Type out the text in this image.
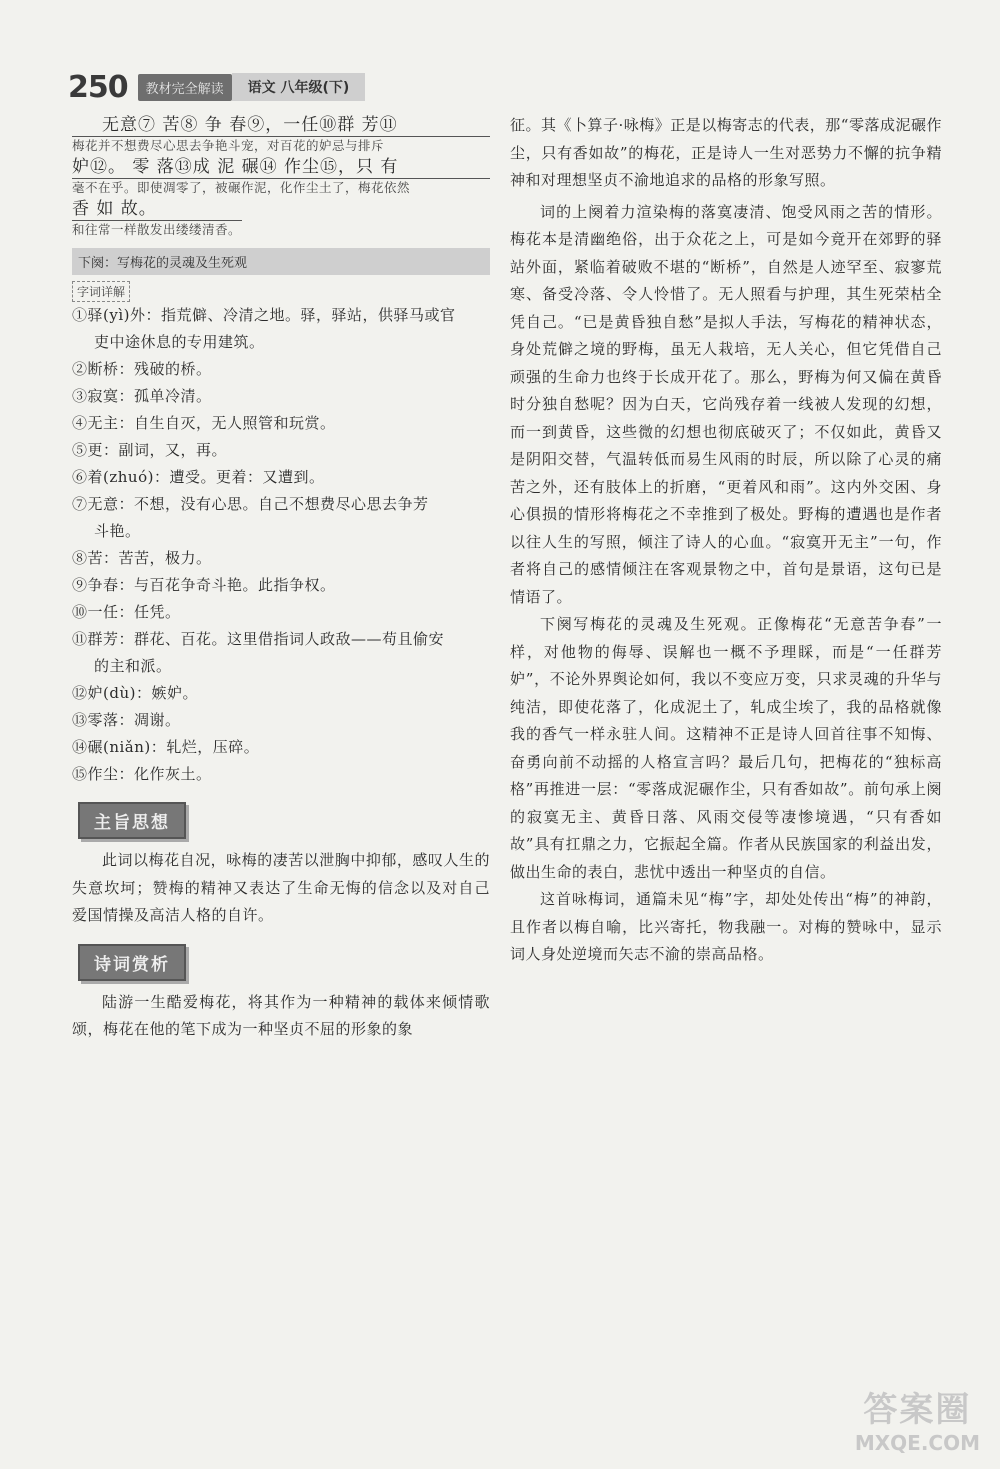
250	教材完全解读	语文 八年级(下)
无意⑦ 苦⑧ 争 春⑨，一任⑩群 芳⑪
梅花并不想费尽心思去争艳斗宠，对百花的妒忌与排斥
妒⑫。 零 落⑬成 泥 碾⑭ 作尘⑮，只 有
毫不在乎。即使凋零了，被碾作泥，化作尘土了，梅花依然
香 如 故。
和往常一样散发出缕缕清香。
下阕：写梅花的灵魂及生死观
字词详解
①驿(yì)外：指荒僻、冷清之地。驿，驿站，供驿马或官
吏中途休息的专用建筑。
②断桥：残破的桥。
③寂寞：孤单冷清。
④无主：自生自灭，无人照管和玩赏。
⑤更：副词，又，再。
⑥着(zhuó)：遭受。更着：又遭到。
⑦无意：不想，没有心思。自己不想费尽心思去争芳
斗艳。
⑧苦：苦苦，极力。
⑨争春：与百花争奇斗艳。此指争权。
⑩一任：任凭。
⑪群芳：群花、百花。这里借指词人政敌——苟且偷安
的主和派。
⑫妒(dù)：嫉妒。
⑬零落：凋谢。
⑭碾(niǎn)：轧烂，压碎。
⑮作尘：化作灰土。
主旨思想

此词以梅花自况，咏梅的凄苦以泄胸中抑郁，感叹人生的失意坎坷；赞梅的精神又表达了生命无悔的信念以及对自己爱国情操及高洁人格的自许。

诗词赏析

陆游一生酷爱梅花，将其作为一种精神的载体来倾情歌颂，梅花在他的笔下成为一种坚贞不屈的形象的象

征。其《卜算子·咏梅》正是以梅寄志的代表，那“零落成泥碾作尘，只有香如故”的梅花，正是诗人一生对恶势力不懈的抗争精神和对理想坚贞不渝地追求的品格的形象写照。

词的上阕着力渲染梅的落寞凄清、饱受风雨之苦的情形。梅花本是清幽绝俗，出于众花之上，可是如今竟开在郊野的驿站外面，紧临着破败不堪的“断桥”，自然是人迹罕至、寂寥荒寒、备受冷落、令人怜惜了。无人照看与护理，其生死荣枯全凭自己。“已是黄昏独自愁”是拟人手法，写梅花的精神状态，身处荒僻之境的野梅，虽无人栽培，无人关心，但它凭借自己顽强的生命力也终于长成开花了。那么，野梅为何又偏在黄昏时分独自愁呢？因为白天，它尚残存着一线被人发现的幻想，而一到黄昏，这些微的幻想也彻底破灭了；不仅如此，黄昏又是阴阳交替，气温转低而易生风雨的时辰，所以除了心灵的痛苦之外，还有肢体上的折磨，“更着风和雨”。这内外交困、身心俱损的情形将梅花之不幸推到了极处。野梅的遭遇也是作者以往人生的写照，倾注了诗人的心血。“寂寞开无主”一句，作者将自己的感情倾注在客观景物之中，首句是景语，这句已是情语了。

下阕写梅花的灵魂及生死观。正像梅花“无意苦争春”一样，对他物的侮辱、误解也一概不予理睬，而是“一任群芳妒”，不论外界舆论如何，我以不变应万变，只求灵魂的升华与纯洁，即使花落了，化成泥土了，轧成尘埃了，我的品格就像我的香气一样永驻人间。这精神不正是诗人回首往事不知悔、奋勇向前不动摇的人格宣言吗？最后几句，把梅花的“独标高格”再推进一层：“零落成泥碾作尘，只有香如故”。前句承上阕的寂寞无主、黄昏日落、风雨交侵等凄惨境遇，“只有香如故”具有扛鼎之力，它振起全篇。作者从民族国家的利益出发，做出生命的表白，悲忧中透出一种坚贞的自信。

这首咏梅词，通篇未见“梅”字，却处处传出“梅”的神韵，且作者以梅自喻，比兴寄托，物我融一。对梅的赞咏中，显示词人身处逆境而矢志不渝的崇高品格。

答案圈
MXQE.COM
